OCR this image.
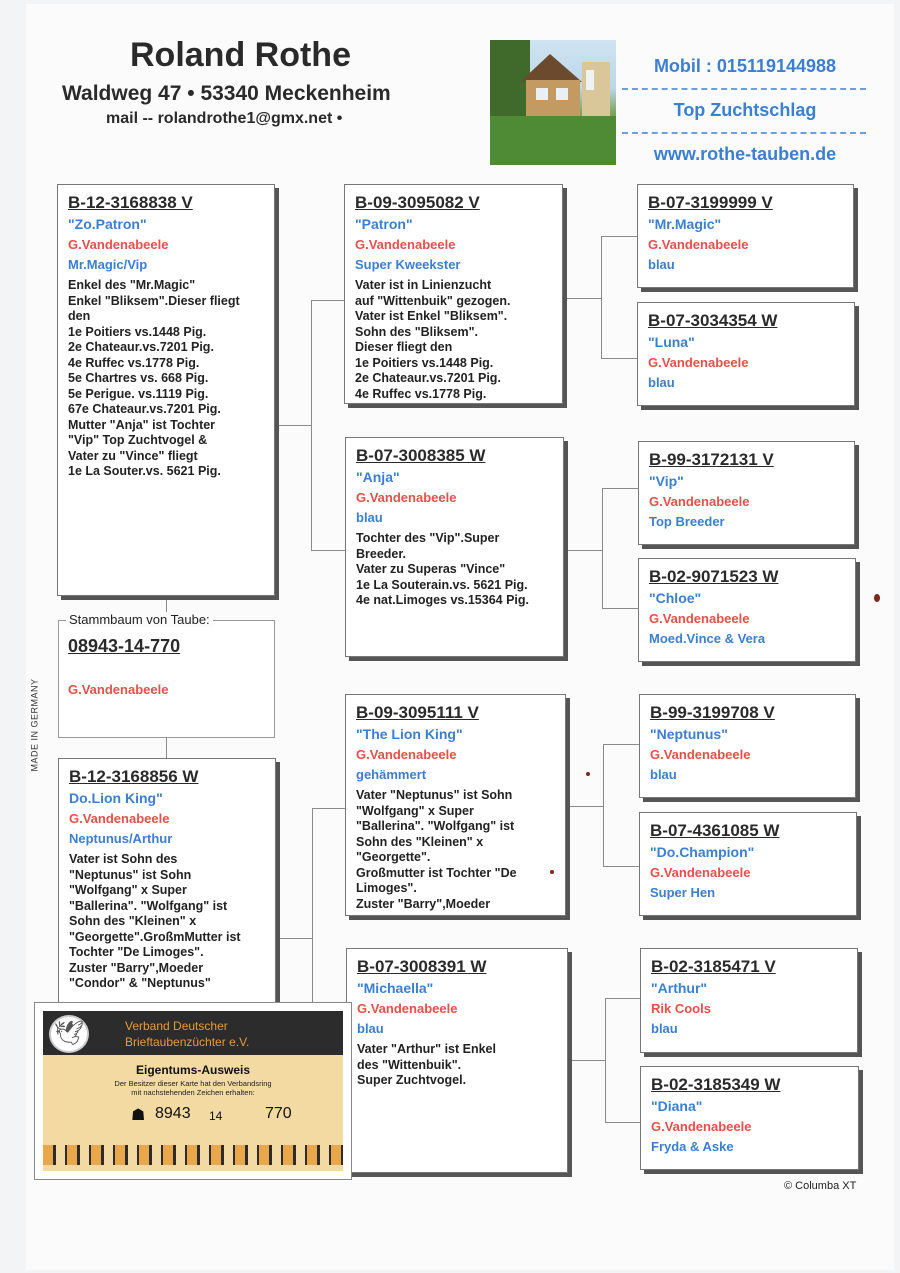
MADE IN GERMANY
Roland Rothe
Waldweg 47 • 53340 Meckenheim
mail -- rolandrothe1@gmx.net •
Mobil : 015119144988
Top Zuchtschlag
www.rothe-tauben.de
B-12-3168838 V
"Zo.Patron"
G.Vandenabeele
Mr.Magic/Vip
Enkel des "Mr.Magic"
Enkel "Bliksem".Dieser fliegt den
1e Poitiers vs.1448 Pig.
2e Chateaur.vs.7201 Pig.
4e Ruffec vs.1778 Pig.
5e Chartres vs. 668 Pig.
5e Perigue. vs.1119 Pig.
67e Chateaur.vs.7201 Pig.
Mutter "Anja" ist Tochter
"Vip" Top Zuchtvogel &
Vater zu "Vince" fliegt
1e La Souter.vs. 5621 Pig.
Stammbaum von Taube:
08943-14-770
G.Vandenabeele
B-12-3168856 W
Do.Lion King"
G.Vandenabeele
Neptunus/Arthur
Vater ist Sohn des
"Neptunus" ist Sohn
"Wolfgang" x Super
"Ballerina". "Wolfgang" ist
Sohn des "Kleinen" x
"Georgette".GroßmMutter ist
Tochter "De Limoges".
Zuster "Barry",Moeder
"Condor" & "Neptunus"
B-09-3095082 V
"Patron"
G.Vandenabeele
Super Kweekster
Vater ist in Linienzucht
auf "Wittenbuik" gezogen.
Vater ist Enkel "Bliksem".
Sohn des "Bliksem".
Dieser fliegt den
1e Poitiers vs.1448 Pig.
2e Chateaur.vs.7201 Pig.
4e Ruffec vs.1778 Pig.
B-07-3008385 W
"Anja"
G.Vandenabeele
blau
Tochter des "Vip".Super
Breeder.
Vater zu Superas "Vince"
1e La Souterain.vs. 5621 Pig.
4e nat.Limoges vs.15364 Pig.
B-09-3095111 V
"The Lion King"
G.Vandenabeele
gehämmert
Vater "Neptunus" ist Sohn
"Wolfgang" x Super
"Ballerina". "Wolfgang" ist
Sohn des "Kleinen" x
"Georgette".
Großmutter ist Tochter "De
Limoges".
Zuster "Barry",Moeder
B-07-3008391 W
"Michaella"
G.Vandenabeele
blau
Vater "Arthur" ist Enkel
des "Wittenbuik".
Super Zuchtvogel.
B-07-3199999 V
"Mr.Magic"
G.Vandenabeele
blau
B-07-3034354 W
"Luna"
G.Vandenabeele
blau
B-99-3172131 V
"Vip"
G.Vandenabeele
Top Breeder
B-02-9071523 W
"Chloe"
G.Vandenabeele
Moed.Vince & Vera
B-99-3199708 V
"Neptunus"
G.Vandenabeele
blau
B-07-4361085 W
"Do.Champion"
G.Vandenabeele
Super Hen
B-02-3185471 V
"Arthur"
Rik Cools
blau
B-02-3185349 W
"Diana"
G.Vandenabeele
Fryda & Aske
🕊	Verband Deutscher
Brieftaubenzüchter e.V.
Eigentums-Ausweis
Der Besitzer dieser Karte hat den Verbandsring
mit nachstehenden Zeichen erhalten:
☗ 8943 14	770
© Columba XT
